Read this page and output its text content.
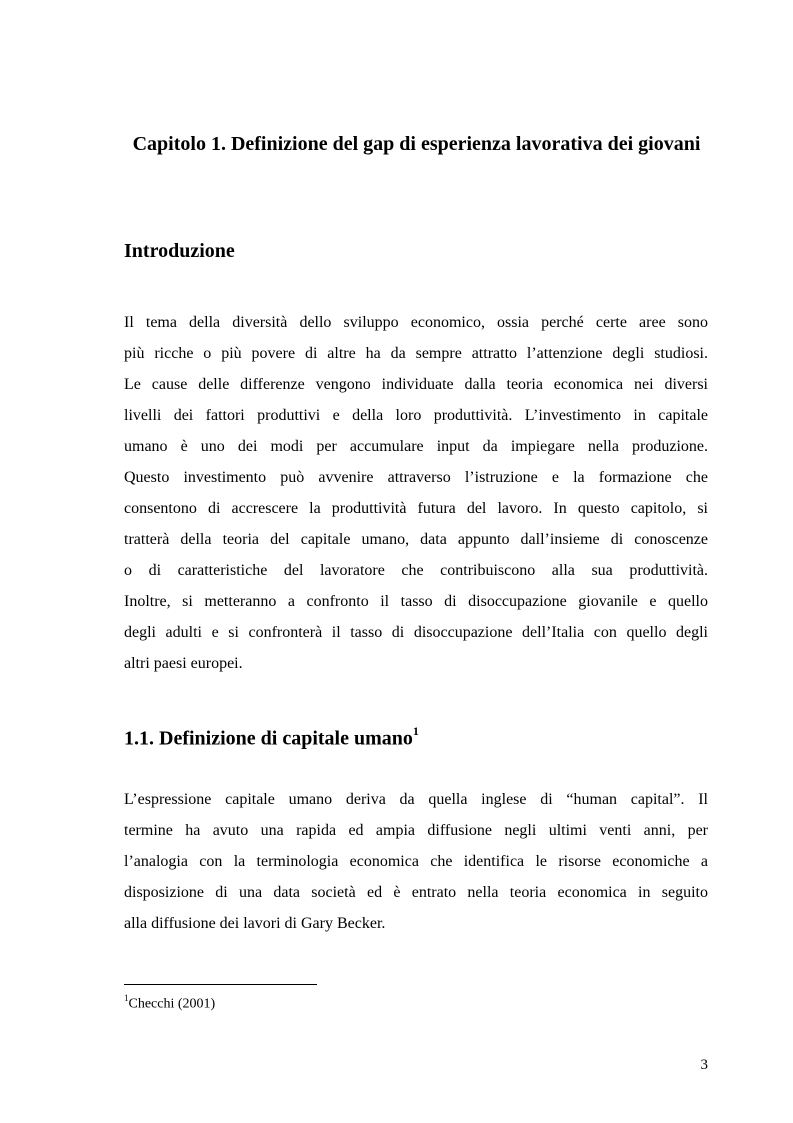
Capitolo 1. Definizione del gap di esperienza lavorativa dei giovani
Introduzione
Il tema della diversità dello sviluppo economico, ossia perché certe aree sono
più ricche o più povere di altre ha da sempre attratto l’attenzione degli studiosi.
Le cause delle differenze vengono individuate dalla teoria economica nei diversi
livelli dei fattori produttivi e della loro produttività. L’investimento in capitale
umano è uno dei modi per accumulare input da impiegare nella produzione.
Questo investimento può avvenire attraverso l’istruzione e la formazione che
consentono di accrescere la produttività futura del lavoro. In questo capitolo, si
tratterà della teoria del capitale umano, data appunto dall’insieme di conoscenze
o di caratteristiche del lavoratore che contribuiscono alla sua produttività.
Inoltre, si metteranno a confronto il tasso di disoccupazione giovanile e quello
degli adulti e si confronterà il tasso di disoccupazione dell’Italia con quello degli
altri paesi europei.
1.1. Definizione di capitale umano$^1$
L’espressione capitale umano deriva da quella inglese di “human capital”. Il
termine ha avuto una rapida ed ampia diffusione negli ultimi venti anni, per
l’analogia con la terminologia economica che identifica le risorse economiche a
disposizione di una data società ed è entrato nella teoria economica in seguito
alla diffusione dei lavori di Gary Becker.
$^1$Checchi (2001)
3
